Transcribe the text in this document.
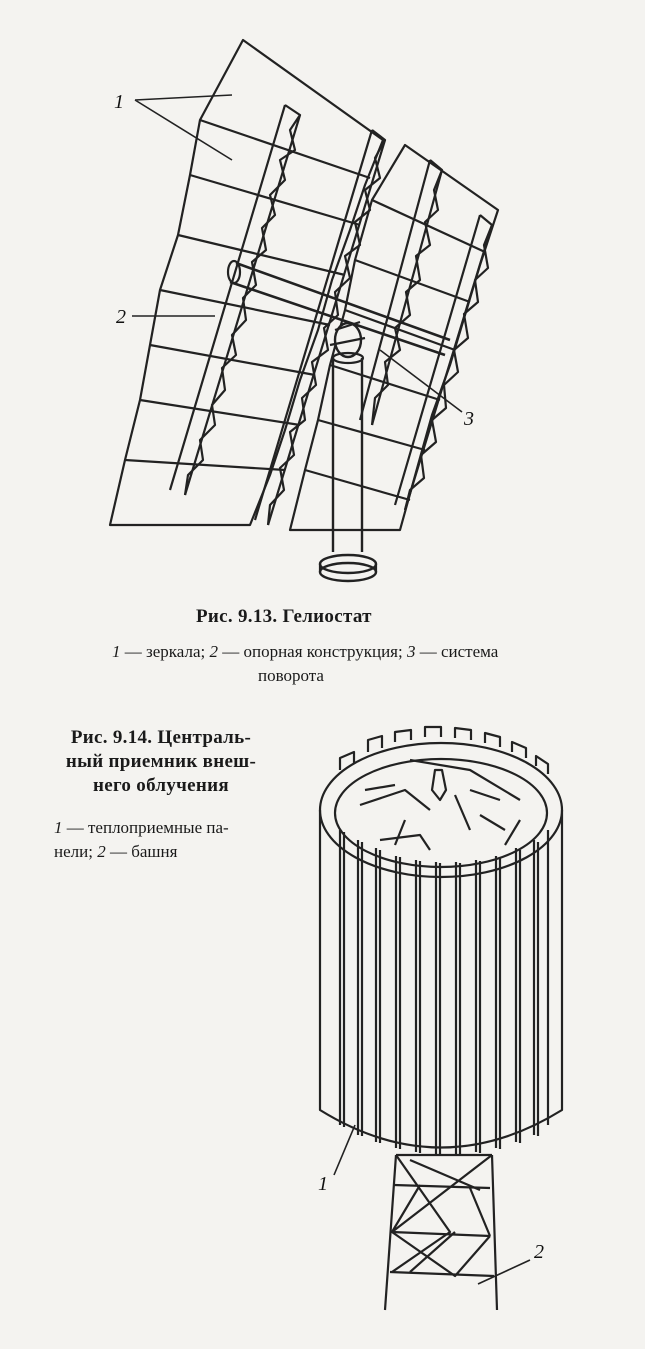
1
2
3
Рис. 9.13. Гелиостат
1 — зеркала; 2 — опорная конструкция; 3 — система
поворота
Рис. 9.14. Централь-
ный приемник внеш-
него облучения
1 — теплоприемные па-
нели; 2 — башня
1
2
